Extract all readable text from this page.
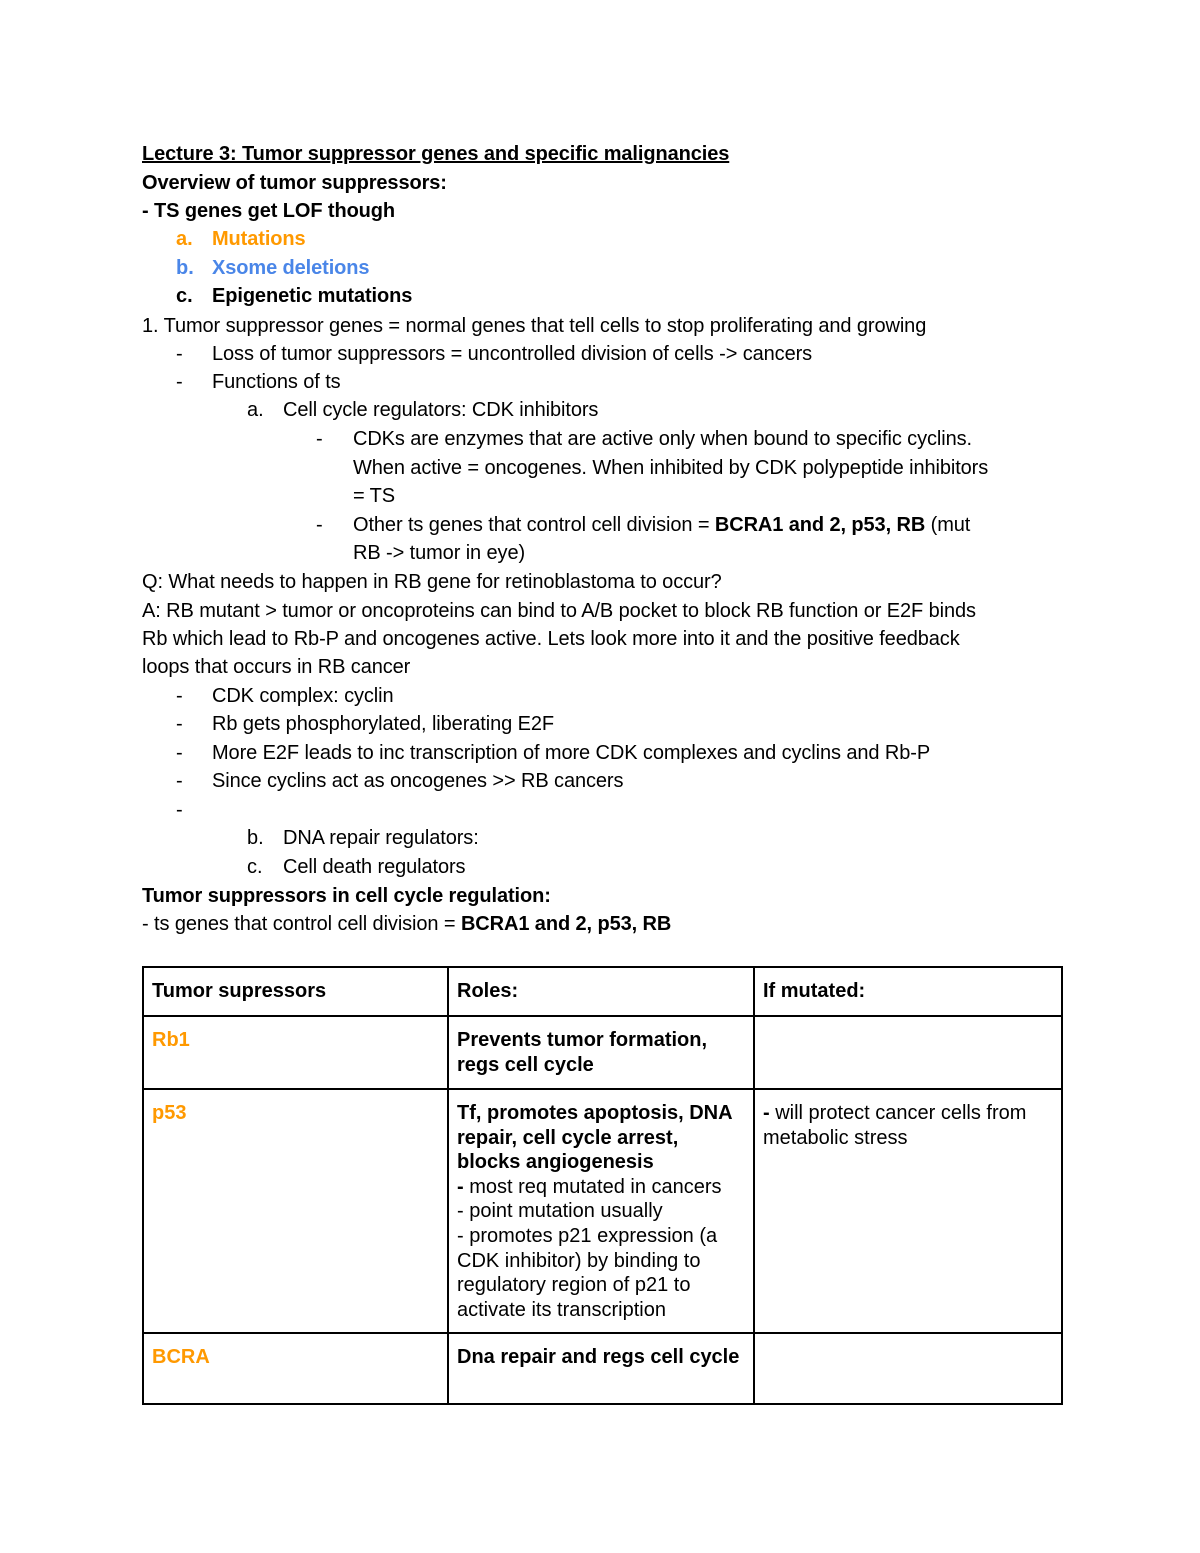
Lecture 3: Tumor suppressor genes and specific malignancies
Overview of tumor suppressors:
- TS genes get LOF though
a. Mutations
b. Xsome deletions
c. Epigenetic mutations
1. Tumor suppressor genes = normal genes that tell cells to stop proliferating and growing
- Loss of tumor suppressors = uncontrolled division of cells -> cancers
- Functions of ts
a. Cell cycle regulators: CDK inhibitors
- CDKs are enzymes that are active only when bound to specific cyclins.
When active = oncogenes. When inhibited by CDK polypeptide inhibitors
= TS
- Other ts genes that control cell division = BCRA1 and 2, p53, RB (mut
RB -> tumor in eye)
Q: What needs to happen in RB gene for retinoblastoma to occur?
A: RB mutant > tumor or oncoproteins can bind to A/B pocket to block RB function or E2F binds
Rb which lead to Rb-P and oncogenes active. Lets look more into it and the positive feedback
loops that occurs in RB cancer
- CDK complex: cyclin
- Rb gets phosphorylated, liberating E2F
- More E2F leads to inc transcription of more CDK complexes and cyclins and Rb-P
- Since cyclins act as oncogenes >> RB cancers
-
b. DNA repair regulators:
c. Cell death regulators
Tumor suppressors in cell cycle regulation:
- ts genes that control cell division = BCRA1 and 2, p53, RB
Tumor supressors	Roles:	If mutated:
Rb1	Prevents tumor formation, regs cell cycle	
p53	Tf, promotes apoptosis, DNA repair, cell cycle arrest, blocks angiogenesis
- most req mutated in cancers
- point mutation usually
- promotes p21 expression (a CDK inhibitor) by binding to regulatory region of p21 to activate its transcription	- will protect cancer cells from metabolic stress
BCRA	Dna repair and regs cell cycle	
